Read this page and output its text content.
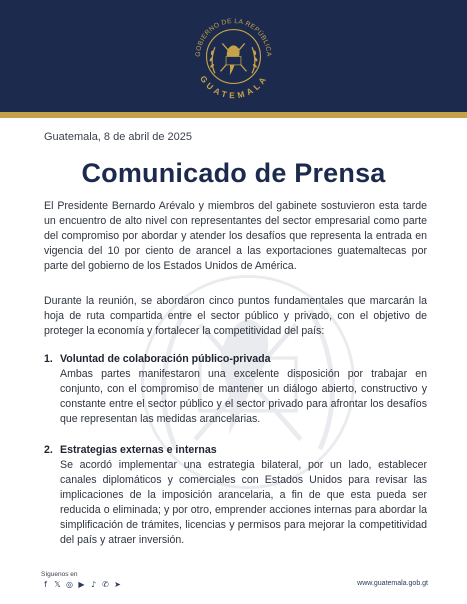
GOBIERNO DE LA REPÚBLICA
GUATEMALA
Guatemala, 8 de abril de 2025
Comunicado de Prensa

El Presidente Bernardo Arévalo y miembros del gabinete sostuvieron esta tarde un encuentro de alto nivel con representantes del sector empresarial como parte del compromiso por abordar y atender los desafíos que representa la entrada en vigencia del 10 por ciento de arancel a las exportaciones guatemaltecas por parte del gobierno de los Estados Unidos de América.

Durante la reunión, se abordaron cinco puntos fundamentales que marcarán la hoja de ruta compartida entre el sector público y privado, con el objetivo de proteger la economía y fortalecer la competitividad del país:

1. Voluntad de colaboración público-privada

Ambas partes manifestaron una excelente disposición por trabajar en conjunto, con el compromiso de mantener un diálogo abierto, constructivo y constante entre el sector público y el sector privado para afrontar los desafíos que representan las medidas arancelarias.

2. Estrategias externas e internas

Se acordó implementar una estrategia bilateral, por un lado, establecer canales diplomáticos y comerciales con Estados Unidos para revisar las implicaciones de la imposición arancelaria, a fin de que esta pueda ser reducida o eliminada; y por otro, emprender acciones internas para abordar la simplificación de trámites, licencias y permisos para mejorar la competitividad del país y atraer inversión.

Síguenos en
f 𝕏 ◎ ▶ ♪ ✆ ➤	www.guatemala.gob.gt
